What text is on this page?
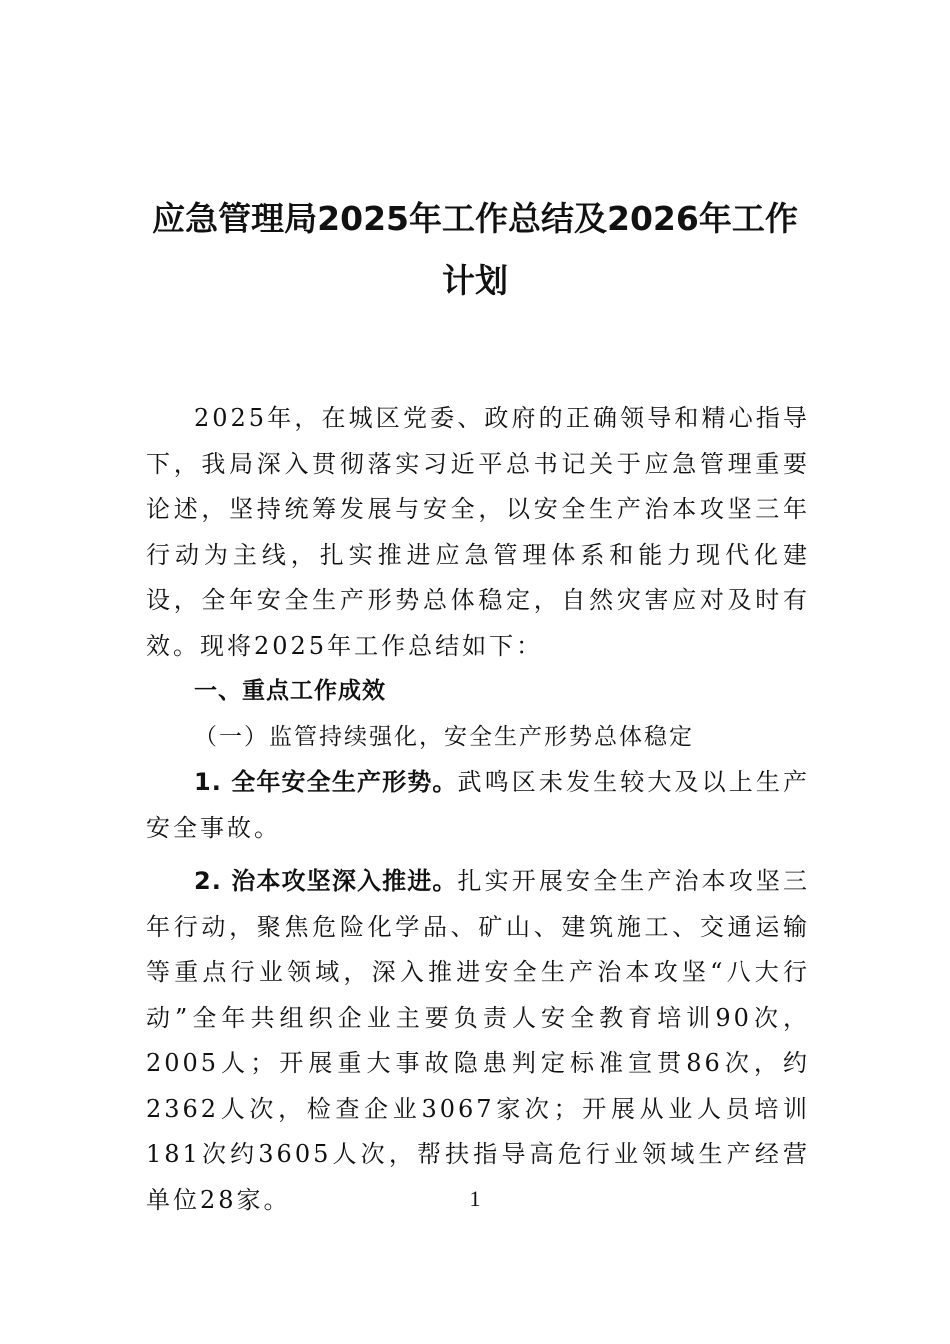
应急管理局2025年工作总结及2026年工作
计划

2025年，在城区党委、政府的正确领导和精心指导下，我局深入贯彻落实习近平总书记关于应急管理重要论述，坚持统筹发展与安全，以安全生产治本攻坚三年行动为主线，扎实推进应急管理体系和能力现代化建设，全年安全生产形势总体稳定，自然灾害应对及时有效。现将2025年工作总结如下：

一、重点工作成效

（一）监管持续强化，安全生产形势总体稳定

1. 全年安全生产形势。武鸣区未发生较大及以上生产安全事故。

2. 治本攻坚深入推进。扎实开展安全生产治本攻坚三年行动，聚焦危险化学品、矿山、建筑施工、交通运输等重点行业领域，深入推进安全生产治本攻坚“八大行动”全年共组织企业主要负责人安全教育培训90次，2005人；开展重大事故隐患判定标准宣贯86次，约2362人次，检查企业3067家次；开展从业人员培训181次约3605人次，帮扶指导高危行业领域生产经营单位28家。	1
